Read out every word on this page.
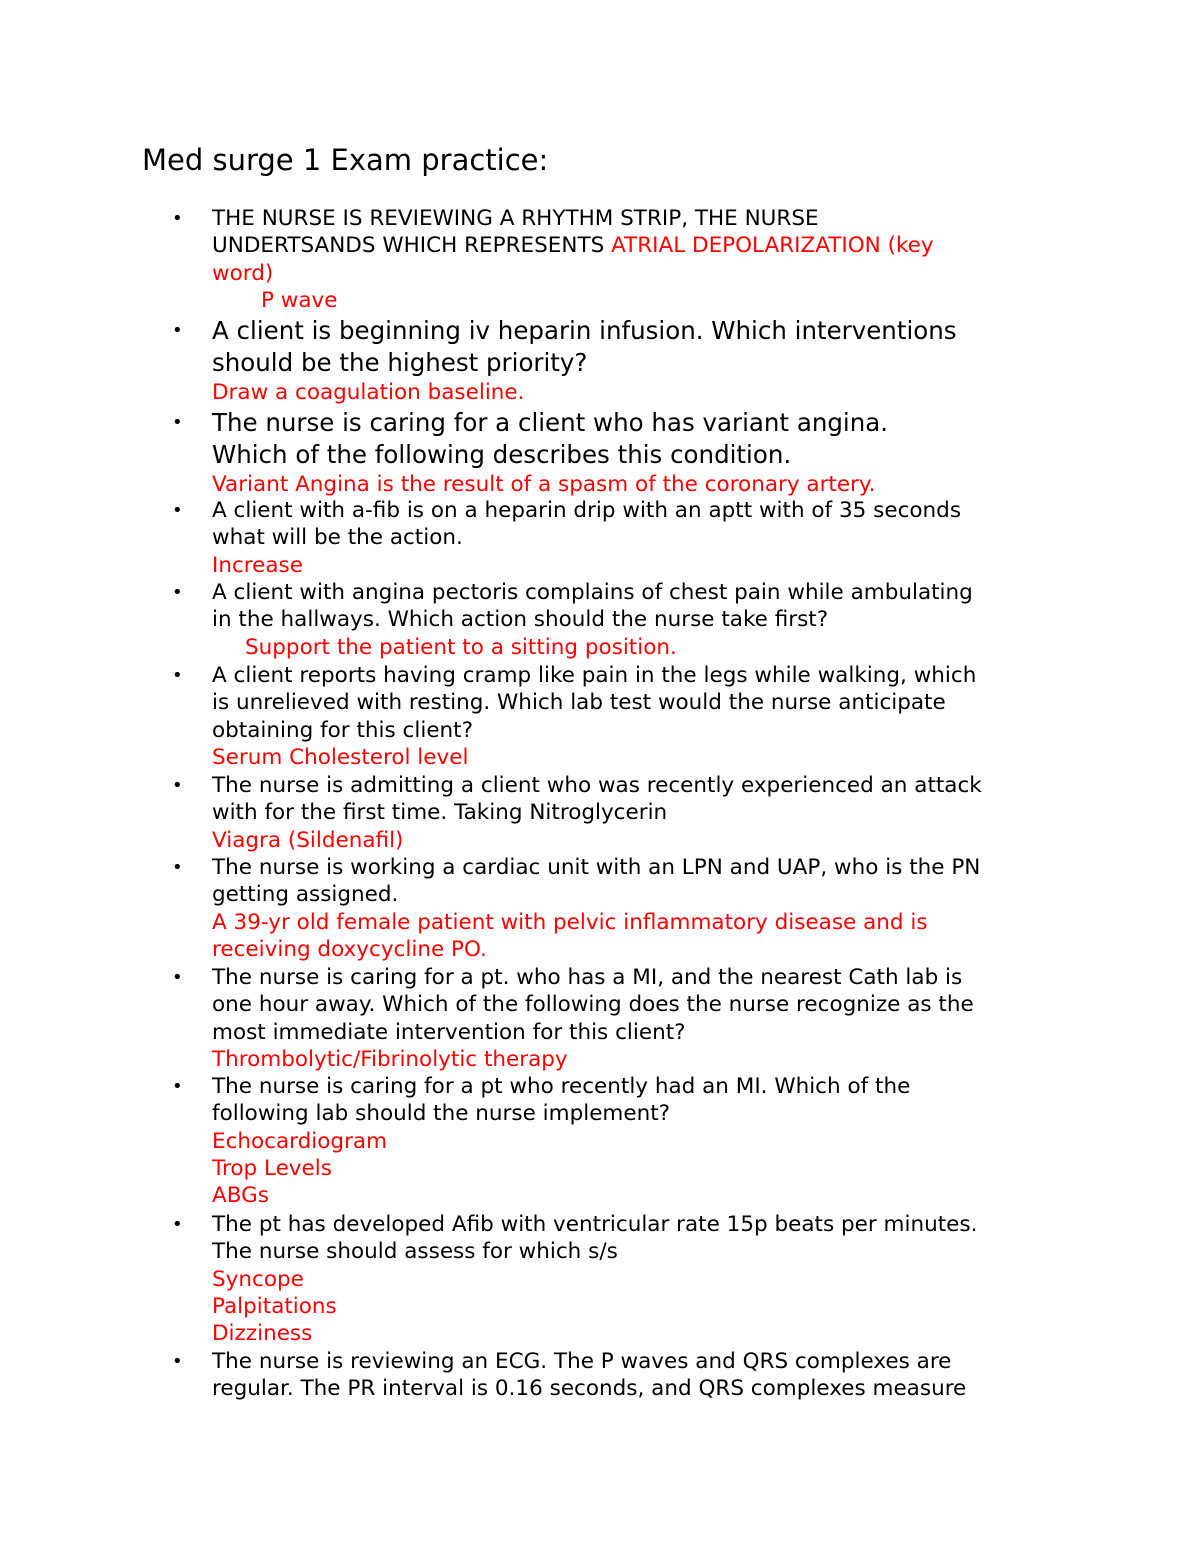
Med surge 1 Exam practice:
• THE NURSE IS REVIEWING A RHYTHM STRIP, THE NURSE
UNDERTSANDS WHICH REPRESENTS ATRIAL DEPOLARIZATION (key
word)
P wave
• A client is beginning iv heparin infusion. Which interventions
should be the highest priority?
Draw a coagulation baseline.
• The nurse is caring for a client who has variant angina.
Which of the following describes this condition.
Variant Angina is the result of a spasm of the coronary artery.
• A client with a-fib is on a heparin drip with an aptt with of 35 seconds
what will be the action.
Increase
• A client with angina pectoris complains of chest pain while ambulating
in the hallways. Which action should the nurse take first?
Support the patient to a sitting position.
• A client reports having cramp like pain in the legs while walking, which
is unrelieved with resting. Which lab test would the nurse anticipate
obtaining for this client?
Serum Cholesterol level
• The nurse is admitting a client who was recently experienced an attack
with for the first time. Taking Nitroglycerin
Viagra (Sildenafil)
• The nurse is working a cardiac unit with an LPN and UAP, who is the PN
getting assigned.
A 39-yr old female patient with pelvic inflammatory disease and is
receiving doxycycline PO.
• The nurse is caring for a pt. who has a MI, and the nearest Cath lab is
one hour away. Which of the following does the nurse recognize as the
most immediate intervention for this client?
Thrombolytic/Fibrinolytic therapy
• The nurse is caring for a pt who recently had an MI. Which of the
following lab should the nurse implement?
Echocardiogram
Trop Levels
ABGs
• The pt has developed Afib with ventricular rate 15p beats per minutes.
The nurse should assess for which s/s
Syncope
Palpitations
Dizziness
• The nurse is reviewing an ECG. The P waves and QRS complexes are
regular. The PR interval is 0.16 seconds, and QRS complexes measure
